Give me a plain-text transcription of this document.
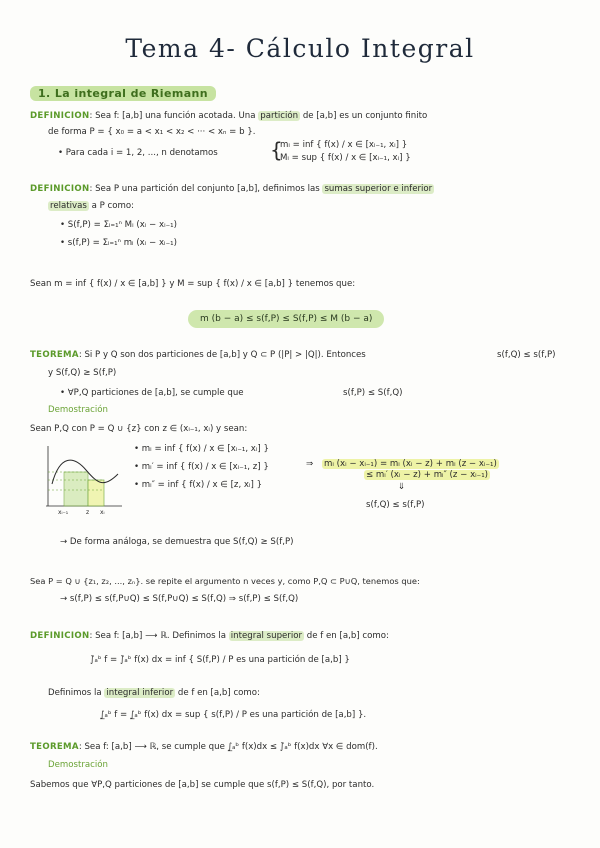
Tema 4- Cálculo Integral
1. La integral de Riemann
DEFINICION: Sea f: [a,b] una función acotada. Una partición de [a,b] es un conjunto finito
de forma P = { x₀ = a < x₁ < x₂ < ··· < xₙ = b }.
• Para cada i = 1, 2, ..., n denotamos	{
mᵢ = inf { f(x) / x ∈ [xᵢ₋₁, xᵢ] }
Mᵢ = sup { f(x) / x ∈ [xᵢ₋₁, xᵢ] }
DEFINICION: Sea P una partición del conjunto [a,b], definimos las sumas superior e inferior
relativas a P como:
• S(f,P) = Σᵢ₌₁ⁿ Mᵢ (xᵢ − xᵢ₋₁)
• s(f,P) = Σᵢ₌₁ⁿ mᵢ (xᵢ − xᵢ₋₁)
Sean m = inf { f(x) / x ∈ [a,b] } y M = sup { f(x) / x ∈ [a,b] } tenemos que:
m (b − a) ≤ s(f,P) ≤ S(f,P) ≤ M (b − a)
TEOREMA: Si P y Q son dos particiones de [a,b] y Q ⊂ P (|P| > |Q|). Entonces	s(f,Q) ≤ s(f,P)
y S(f,Q) ≥ S(f,P)
• ∀P,Q particiones de [a,b], se cumple que	s(f,P) ≤ S(f,Q)
Demostración
Sean P,Q con P = Q ∪ {z} con z ∈ (xᵢ₋₁, xᵢ) y sean:
• mᵢ = inf { f(x) / x ∈ [xᵢ₋₁, xᵢ] }
• mᵢ′ = inf { f(x) / x ∈ [xᵢ₋₁, z] }
• mᵢ″ = inf { f(x) / x ∈ [z, xᵢ] }
⇒ mᵢ (xᵢ − xᵢ₋₁) = mᵢ (xᵢ − z) + mᵢ (z − xᵢ₋₁)
≤ mᵢ′ (xᵢ − z) + mᵢ″ (z − xᵢ₋₁)
⇓
s(f,Q) ≤ s(f,P)
xᵢ₋₁	z xᵢ
→ De forma análoga, se demuestra que S(f,Q) ≥ S(f,P)
Sea P = Q ∪ {z₁, z₂, ..., zₙ}. se repite el argumento n veces y, como P,Q ⊂ P∪Q, tenemos que:
→ s(f,P) ≤ s(f,P∪Q) ≤ S(f,P∪Q) ≤ S(f,Q) ⇒ s(f,P) ≤ S(f,Q)
DEFINICION: Sea f: [a,b] ⟶ ℝ. Definimos la integral superior de f en [a,b] como:
∫̄ₐᵇ f = ∫̄ₐᵇ f(x) dx = inf { S(f,P) / P es una partición de [a,b] }
Definimos la integral inferior de f en [a,b] como:
∫̲ₐᵇ f = ∫̲ₐᵇ f(x) dx = sup { s(f,P) / P es una partición de [a,b] }.
TEOREMA: Sea f: [a,b] ⟶ ℝ, se cumple que ∫̲ₐᵇ f(x)dx ≤ ∫̄ₐᵇ f(x)dx ∀x ∈ dom(f).
Demostración
Sabemos que ∀P,Q particiones de [a,b] se cumple que s(f,P) ≤ S(f,Q), por tanto.
